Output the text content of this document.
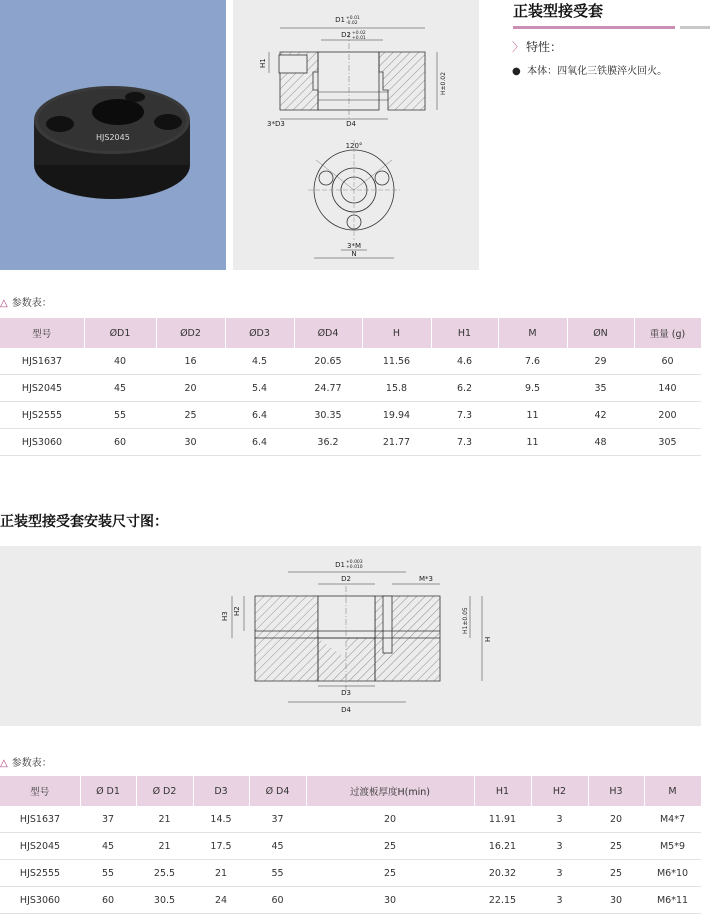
HJS2045
D1 +0.01
-0.02
D2 +0.02
+0.01
H1
H±0.02
3*D3	D4
120°
3*M
N
正装型接受套
〉 特性：
●  本体：四氧化三铁膜淬火回火。
△ 参数表：
型号	ØD1	ØD2	ØD3	ØD4	H	H1	M	ØN	重量 (g)
HJS1637	40	16	4.5	20.65	11.56	4.6	7.6	29	60
HJS2045	45	20	5.4	24.77	15.8	6.2	9.5	35	140
HJS2555	55	25	6.4	30.35	19.94	7.3	11	42	200
HJS3060	60	30	6.4	36.2	21.77	7.3	11	48	305
正装型接受套安装尺寸图：
D1 +0.003
+0.010
D2	M*3
H2
H3	H1±0.05
H
D3
D4
△ 参数表：
型号	Ø D1	Ø D2	D3	Ø D4	过渡板厚度H(min)	H1	H2	H3	M
HJS1637	37	21	14.5	37	20	11.91	3	20	M4*7
HJS2045	45	21	17.5	45	25	16.21	3	25	M5*9
HJS2555	55	25.5	21	55	25	20.32	3	25	M6*10
HJS3060	60	30.5	24	60	30	22.15	3	30	M6*11
